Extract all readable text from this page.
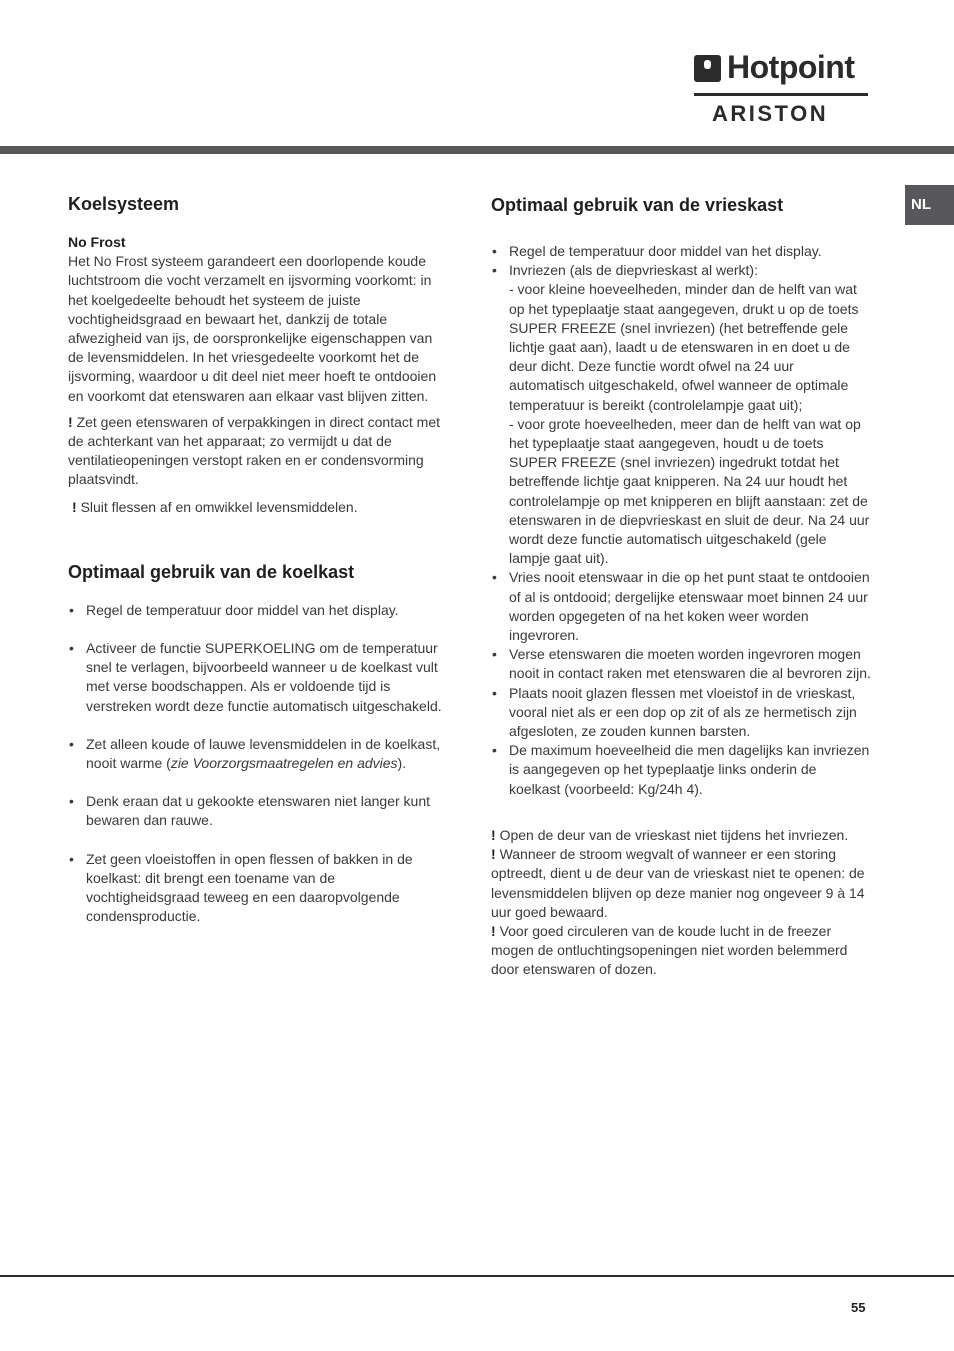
Hotpoint
ARISTON
NL
Koelsysteem

No Frost

Het No Frost systeem garandeert een doorlopende koude luchtstroom die vocht verzamelt en ijsvorming voorkomt: in het koelgedeelte behoudt het systeem de juiste vochtigheidsgraad en bewaart het, dankzij de totale afwezigheid van ijs, de oorspronkelijke eigenschappen van de levensmiddelen. In het vriesgedeelte voorkomt het de ijsvorming, waardoor u dit deel niet meer hoeft te ontdooien en voorkomt dat etenswaren aan elkaar vast blijven zitten.

! Zet geen etenswaren of verpakkingen in direct contact met de achterkant van het apparaat; zo vermijdt u dat de ventilatieopeningen verstopt raken en er condensvorming plaatsvindt.

! Sluit flessen af en omwikkel levensmiddelen.

Optimaal gebruik van de koelkast
• Regel de temperatuur door middel van het display.
• Activeer de functie SUPERKOELING om de temperatuur snel te verlagen, bijvoorbeeld wanneer u de koelkast vult met verse boodschappen. Als er voldoende tijd is verstreken wordt deze functie automatisch uitgeschakeld.
• Zet alleen koude of lauwe levensmiddelen in de koelkast, nooit warme (zie Voorzorgsmaatregelen en advies).
• Denk eraan dat u gekookte etenswaren niet langer kunt bewaren dan rauwe.
• Zet geen vloeistoffen in open flessen of bakken in de koelkast: dit brengt een toename van de vochtigheidsgraad teweeg en een daaropvolgende condensproductie.
Optimaal gebruik van de vrieskast
• Regel de temperatuur door middel van het display.
• Invriezen (als de diepvrieskast al werkt):
- voor kleine hoeveelheden, minder dan de helft van wat op het typeplaatje staat aangegeven, drukt u op de toets SUPER FREEZE (snel invriezen) (het betreffende gele lichtje gaat aan), laadt u de etenswaren in en doet u de deur dicht. Deze functie wordt ofwel na 24 uur automatisch uitgeschakeld, ofwel wanneer de optimale temperatuur is bereikt (controlelampje gaat uit);
- voor grote hoeveelheden, meer dan de helft van wat op het typeplaatje staat aangegeven, houdt u de toets SUPER FREEZE (snel invriezen) ingedrukt totdat het betreffende lichtje gaat knipperen. Na 24 uur houdt het controlelampje op met knipperen en blijft aanstaan: zet de etenswaren in de diepvrieskast en sluit de deur. Na 24 uur wordt deze functie automatisch uitgeschakeld (gele lampje gaat uit).
• Vries nooit etenswaar in die op het punt staat te ontdooien of al is ontdooid; dergelijke etenswaar moet binnen 24 uur worden opgegeten of na het koken weer worden ingevroren.
• Verse etenswaren die moeten worden ingevroren mogen nooit in contact raken met etenswaren die al bevroren zijn.
• Plaats nooit glazen flessen met vloeistof in de vrieskast, vooral niet als er een dop op zit of als ze hermetisch zijn afgesloten, ze zouden kunnen barsten.
• De maximum hoeveelheid die men dagelijks kan invriezen is aangegeven op het typeplaatje links onderin de koelkast (voorbeeld: Kg/24h 4).

! Open de deur van de vrieskast niet tijdens het invriezen.

! Wanneer de stroom wegvalt of wanneer er een storing optreedt, dient u de deur van de vrieskast niet te openen: de levensmiddelen blijven op deze manier nog ongeveer 9 à 14 uur goed bewaard.

! Voor goed circuleren van de koude lucht in de freezer mogen de ontluchtingsopeningen niet worden belemmerd door etenswaren of dozen.

55
